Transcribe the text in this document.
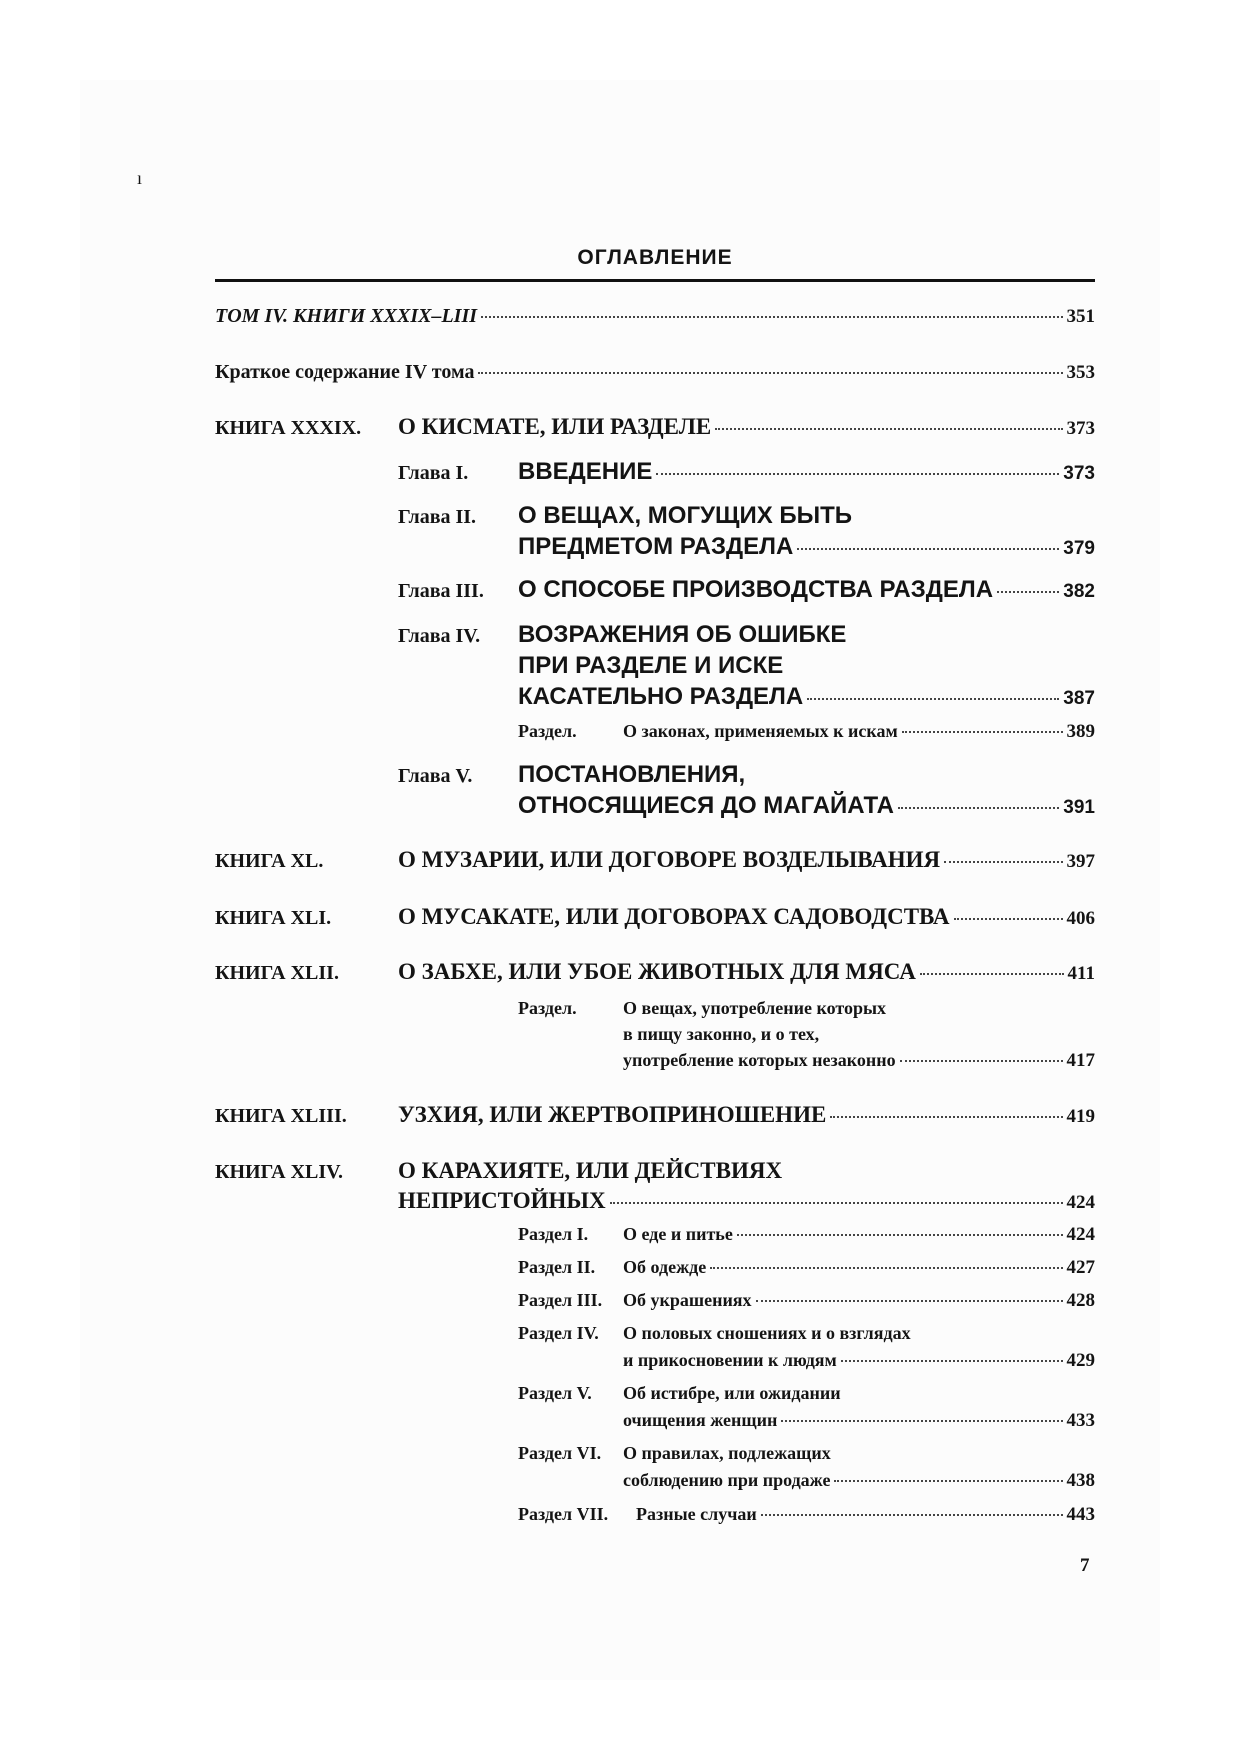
ı
ОГЛАВЛЕНИЕ
ТОМ IV. КНИГИ XXXIX–LIII	351
Краткое содержание IV тома	353
КНИГА XXXIX. О КИСМАТЕ, ИЛИ РАЗДЕЛЕ	373
Глава I. ВВЕДЕНИЕ	373
Глава II. О ВЕЩАХ, МОГУЩИХ БЫТЬ
ПРЕДМЕТОМ РАЗДЕЛА	379
Глава III. О СПОСОБЕ ПРОИЗВОДСТВА РАЗДЕЛА	382
Глава IV. ВОЗРАЖЕНИЯ ОБ ОШИБКЕ
ПРИ РАЗДЕЛЕ И ИСКЕ
КАСАТЕЛЬНО РАЗДЕЛА	387
Раздел.	О законах, применяемых к искам	389
Глава V. ПОСТАНОВЛЕНИЯ,
ОТНОСЯЩИЕСЯ ДО МАГАЙАТА	391
КНИГА XL.	О МУЗАРИИ, ИЛИ ДОГОВОРЕ ВОЗДЕЛЫВАНИЯ	397
КНИГА XLI.	О МУСАКАТЕ, ИЛИ ДОГОВОРАХ САДОВОДСТВА	406
КНИГА XLII.	О ЗАБХЕ, ИЛИ УБОЕ ЖИВОТНЫХ ДЛЯ МЯСА	411
Раздел.	О вещах, употребление которых
в пищу законно, и о тех,
употребление которых незаконно	417
КНИГА XLIII. УЗХИЯ, ИЛИ ЖЕРТВОПРИНОШЕНИЕ	419
КНИГА XLIV. О КАРАХИЯТЕ, ИЛИ ДЕЙСТВИЯХ
НЕПРИСТОЙНЫХ	424
Раздел I. О еде и питье	424
Раздел II. Об одежде	427
Раздел III. Об украшениях	428
Раздел IV. О половых сношениях и о взглядах
и прикосновении к людям	429
Раздел V. Об истибре, или ожидании
очищения женщин	433
Раздел VI. О правилах, подлежащих
соблюдению при продаже	438
Раздел VII. Разные случаи	443
7
